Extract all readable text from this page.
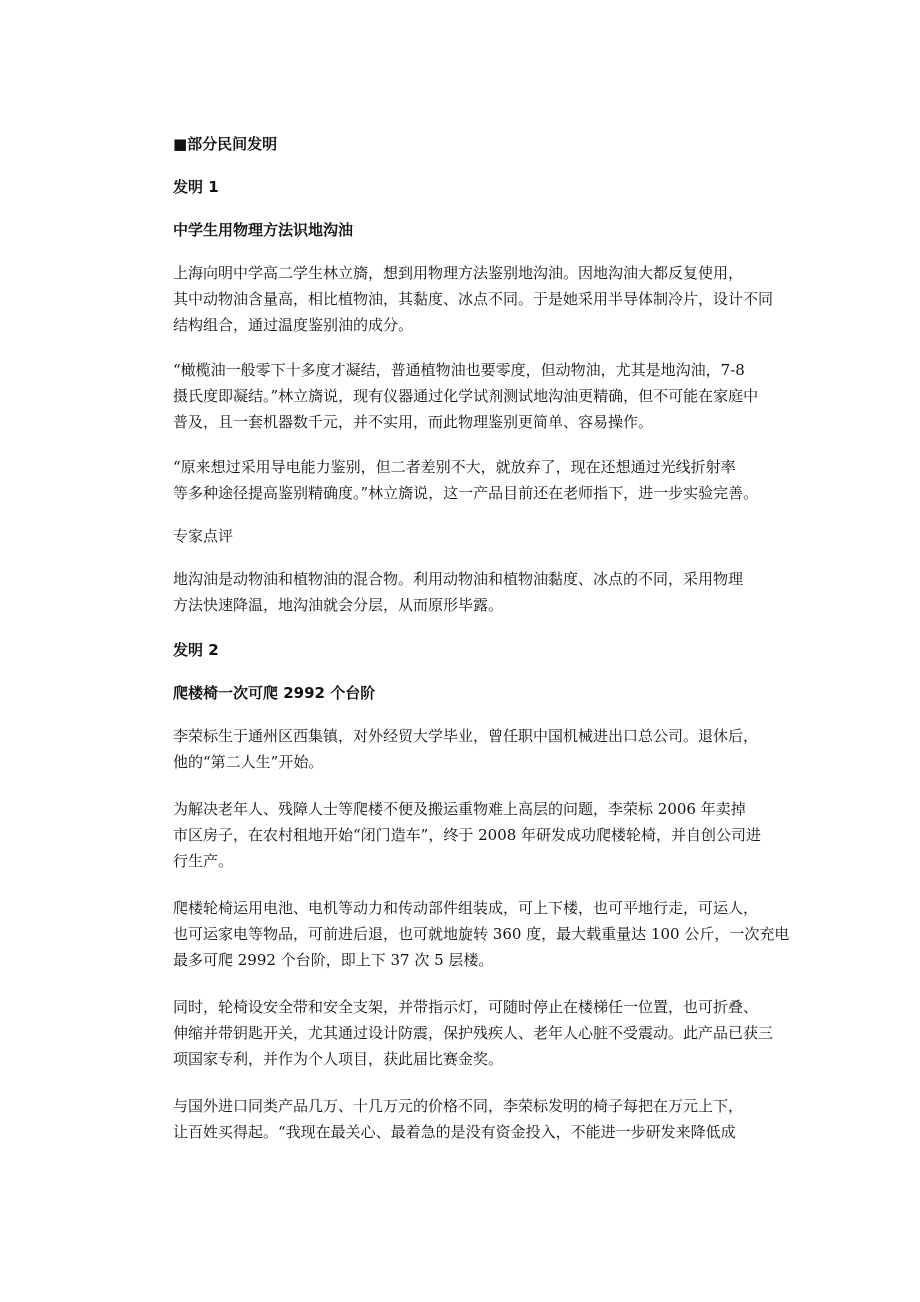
■部分民间发明
发明 1
中学生用物理方法识地沟油
上海向明中学高二学生林立旖，想到用物理方法鉴别地沟油。因地沟油大都反复使用，
其中动物油含量高，相比植物油，其黏度、冰点不同。于是她采用半导体制冷片，设计不同
结构组合，通过温度鉴别油的成分。
“橄榄油一般零下十多度才凝结，普通植物油也要零度，但动物油，尤其是地沟油，7-8
摄氏度即凝结。”林立旖说，现有仪器通过化学试剂测试地沟油更精确，但不可能在家庭中
普及，且一套机器数千元，并不实用，而此物理鉴别更简单、容易操作。
“原来想过采用导电能力鉴别，但二者差别不大，就放弃了，现在还想通过光线折射率
等多种途径提高鉴别精确度。”林立旖说，这一产品目前还在老师指下，进一步实验完善。
专家点评
地沟油是动物油和植物油的混合物。利用动物油和植物油黏度、冰点的不同，采用物理
方法快速降温，地沟油就会分层，从而原形毕露。
发明 2
爬楼椅一次可爬 2992 个台阶
李荣标生于通州区西集镇，对外经贸大学毕业，曾任职中国机械进出口总公司。退休后，
他的“第二人生”开始。
为解决老年人、残障人士等爬楼不便及搬运重物难上高层的问题，李荣标 2006 年卖掉
市区房子，在农村租地开始“闭门造车”，终于 2008 年研发成功爬楼轮椅，并自创公司进
行生产。
爬楼轮椅运用电池、电机等动力和传动部件组装成，可上下楼，也可平地行走，可运人，
也可运家电等物品，可前进后退，也可就地旋转 360 度，最大载重量达 100 公斤，一次充电
最多可爬 2992 个台阶，即上下 37 次 5 层楼。
同时，轮椅设安全带和安全支架，并带指示灯，可随时停止在楼梯任一位置，也可折叠、
伸缩并带钥匙开关，尤其通过设计防震，保护残疾人、老年人心脏不受震动。此产品已获三
项国家专利，并作为个人项目，获此届比赛金奖。
与国外进口同类产品几万、十几万元的价格不同，李荣标发明的椅子每把在万元上下，
让百姓买得起。“我现在最关心、最着急的是没有资金投入，不能进一步研发来降低成
